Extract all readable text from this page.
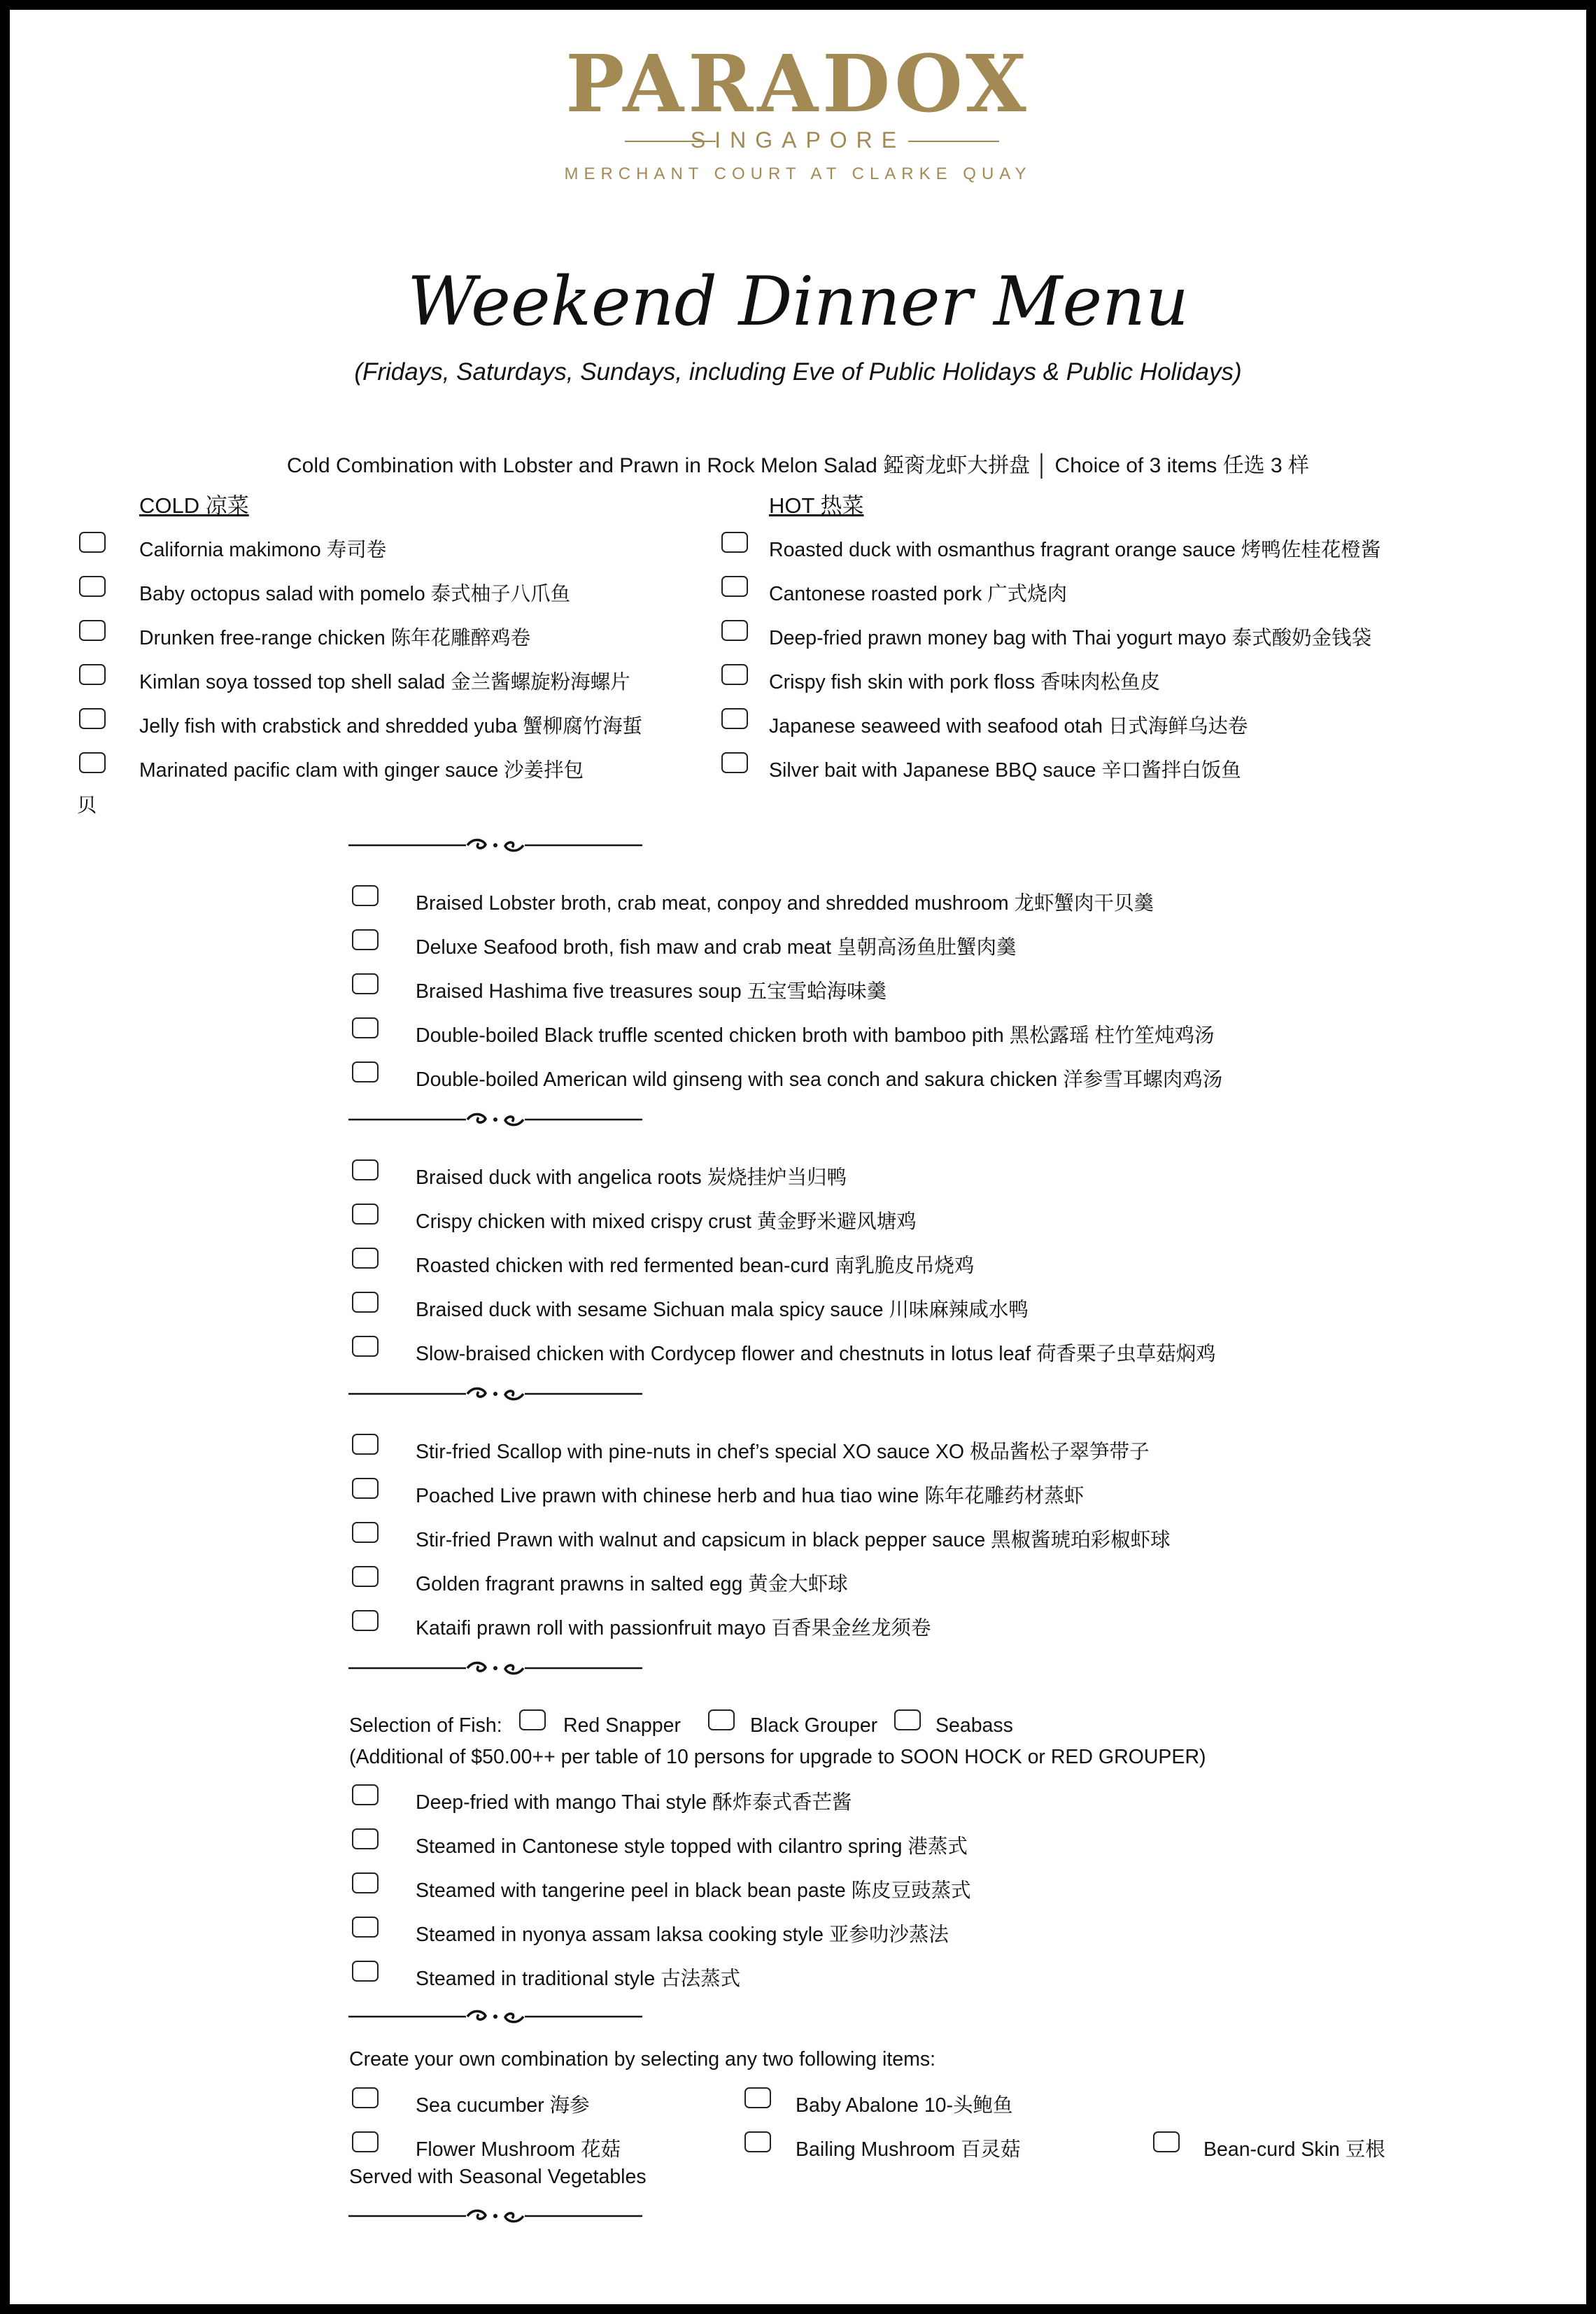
PARADOX
SINGAPORE
MERCHANT COURT AT CLARKE QUAY
Weekend Dinner Menu
(Fridays, Saturdays, Sundays, including Eve of Public Holidays & Public Holidays)
Cold Combination with Lobster and Prawn in Rock Melon Salad 錏脔龙虾大拼盘 │ Choice of 3 items 任选 3 样
COLD 凉菜
California makimono 寿司卷
Baby octopus salad with pomelo 泰式柚子八爪鱼
Drunken free-range chicken 陈年花雕醉鸡卷
Kimlan soya tossed top shell salad 金兰酱螺旋粉海螺片
Jelly fish with crabstick and shredded yuba 蟹柳腐竹海蜇
Marinated pacific clam with ginger sauce 沙姜拌包
贝
HOT 热菜
Roasted duck with osmanthus fragrant orange sauce 烤鸭佐桂花橙酱
Cantonese roasted pork 广式烧肉
Deep-fried prawn money bag with Thai yogurt mayo 泰式酸奶金钱袋
Crispy fish skin with pork floss 香味肉松鱼皮
Japanese seaweed with seafood otah 日式海鲜乌达卷
Silver bait with Japanese BBQ sauce 辛口酱拌白饭鱼
Braised Lobster broth, crab meat, conpoy and shredded mushroom 龙虾蟹肉干贝羹
Deluxe Seafood broth, fish maw and crab meat 皇朝高汤鱼肚蟹肉羹
Braised Hashima five treasures soup 五宝雪蛤海味羹
Double-boiled Black truffle scented chicken broth with bamboo pith 黑松露瑶 柱竹笙炖鸡汤
Double-boiled American wild ginseng with sea conch and sakura chicken 洋参雪耳螺肉鸡汤
Braised duck with angelica roots 炭烧挂炉当归鸭
Crispy chicken with mixed crispy crust 黄金野米避风塘鸡
Roasted chicken with red fermented bean-curd 南乳脆皮吊烧鸡
Braised duck with sesame Sichuan mala spicy sauce 川味麻辣咸水鸭
Slow-braised chicken with Cordycep flower and chestnuts in lotus leaf 荷香栗子虫草菇焖鸡
Stir-fried Scallop with pine-nuts in chef’s special XO sauce XO 极品酱松子翠笋带子
Poached Live prawn with chinese herb and hua tiao wine 陈年花雕药材蒸虾
Stir-fried Prawn with walnut and capsicum in black pepper sauce 黑椒酱琥珀彩椒虾球
Golden fragrant prawns in salted egg 黄金大虾球
Kataifi prawn roll with passionfruit mayo 百香果金丝龙须卷
Selection of Fish:	Red Snapper	Black Grouper	Seabass
(Additional of $50.00++ per table of 10 persons for upgrade to SOON HOCK or RED GROUPER)
Deep-fried with mango Thai style 酥炸泰式香芒酱
Steamed in Cantonese style topped with cilantro spring 港蒸式
Steamed with tangerine peel in black bean paste 陈皮豆豉蒸式
Steamed in nyonya assam laksa cooking style 亚参叻沙蒸法
Steamed in traditional style 古法蒸式
Create your own combination by selecting any two following items:
Sea cucumber 海参	Baby Abalone 10-头鲍鱼
Flower Mushroom 花菇	Bailing Mushroom 百灵菇	Bean-curd Skin 豆根
Served with Seasonal Vegetables
